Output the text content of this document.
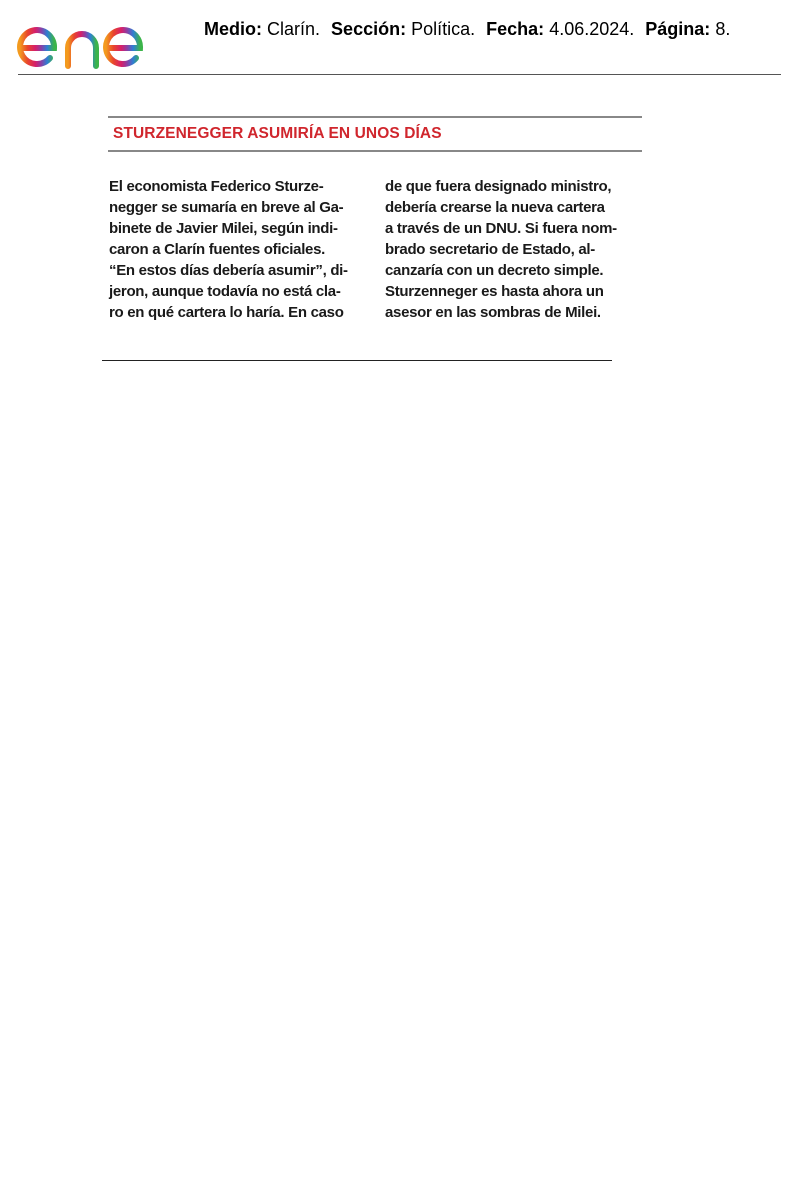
Medio: Clarín. Sección: Política. Fecha: 4.06.2024. Página: 8.
STURZENEGGER ASUMIRÍA EN UNOS DÍAS
El economista Federico Sturze-
negger se sumaría en breve al Ga-
binete de Javier Milei, según indi-
caron a Clarín fuentes oficiales.
“En estos días debería asumir”, di-
jeron, aunque todavía no está cla-
ro en qué cartera lo haría. En caso
de que fuera designado ministro,
debería crearse la nueva cartera
a través de un DNU. Si fuera nom-
brado secretario de Estado, al-
canzaría con un decreto simple.
Sturzenneger es hasta ahora un
asesor en las sombras de Milei.
